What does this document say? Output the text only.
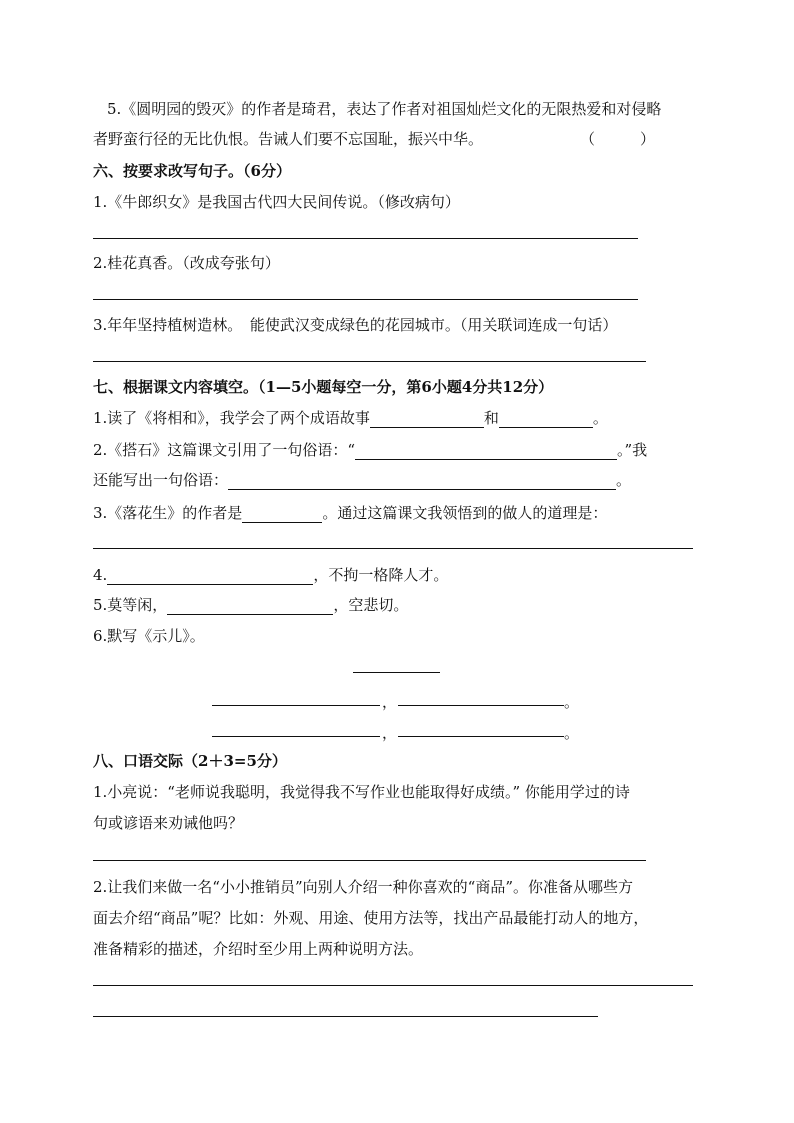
5.《圆明园的毁灭》的作者是琦君，表达了作者对祖国灿烂文化的无限热爱和对侵略
者野蛮行径的无比仇恨。告诫人们要不忘国耻，振兴中华。	（　　　）
六、按要求改写句子。（6分）
1.《牛郎织女》是我国古代四大民间传说。（修改病句）
2.桂花真香。（改成夸张句）
3.年年坚持植树造林。　能使武汉变成绿色的花园城市。（用关联词连成一句话）
七、根据课文内容填空。（1—5小题每空一分，第6小题4分共12分）
1.读了《将相和》，我学会了两个成语故事	和	。
2.《搭石》这篇课文引用了一句俗语：“	。”我
还能写出一句俗语：	。
3.《落花生》的作者是	。通过这篇课文我领悟到的做人的道理是：
4.	，不拘一格降人才。
5.莫等闲，	，空悲切。
6.默写《示儿》。
，	。
，	。
八、口语交际（2＋3=5分）
1.小亮说：“老师说我聪明，我觉得我不写作业也能取得好成绩。” 你能用学过的诗
句或谚语来劝诫他吗？
2.让我们来做一名“小小推销员”向别人介绍一种你喜欢的“商品”。你准备从哪些方
面去介绍“商品”呢？比如：外观、用途、使用方法等，找出产品最能打动人的地方，
准备精彩的描述，介绍时至少用上两种说明方法。
